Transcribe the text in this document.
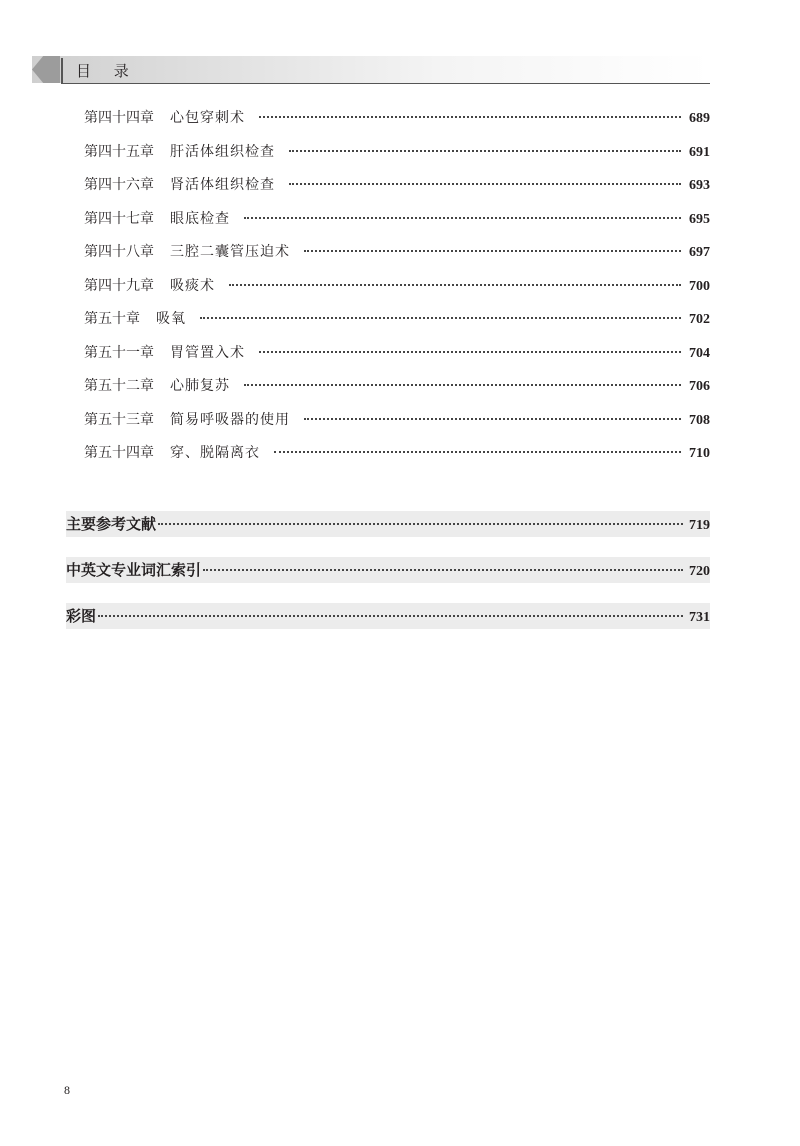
目 录
第四十四章 心包穿刺术	689
第四十五章 肝活体组织检查	691
第四十六章 肾活体组织检查	693
第四十七章 眼底检查	695
第四十八章 三腔二囊管压迫术	697
第四十九章 吸痰术	700
第五十章 吸氧	702
第五十一章 胃管置入术	704
第五十二章 心肺复苏	706
第五十三章 简易呼吸器的使用	708
第五十四章 穿、脱隔离衣	710
主要参考文献	719
中英文专业词汇索引	720
彩图	731
8
